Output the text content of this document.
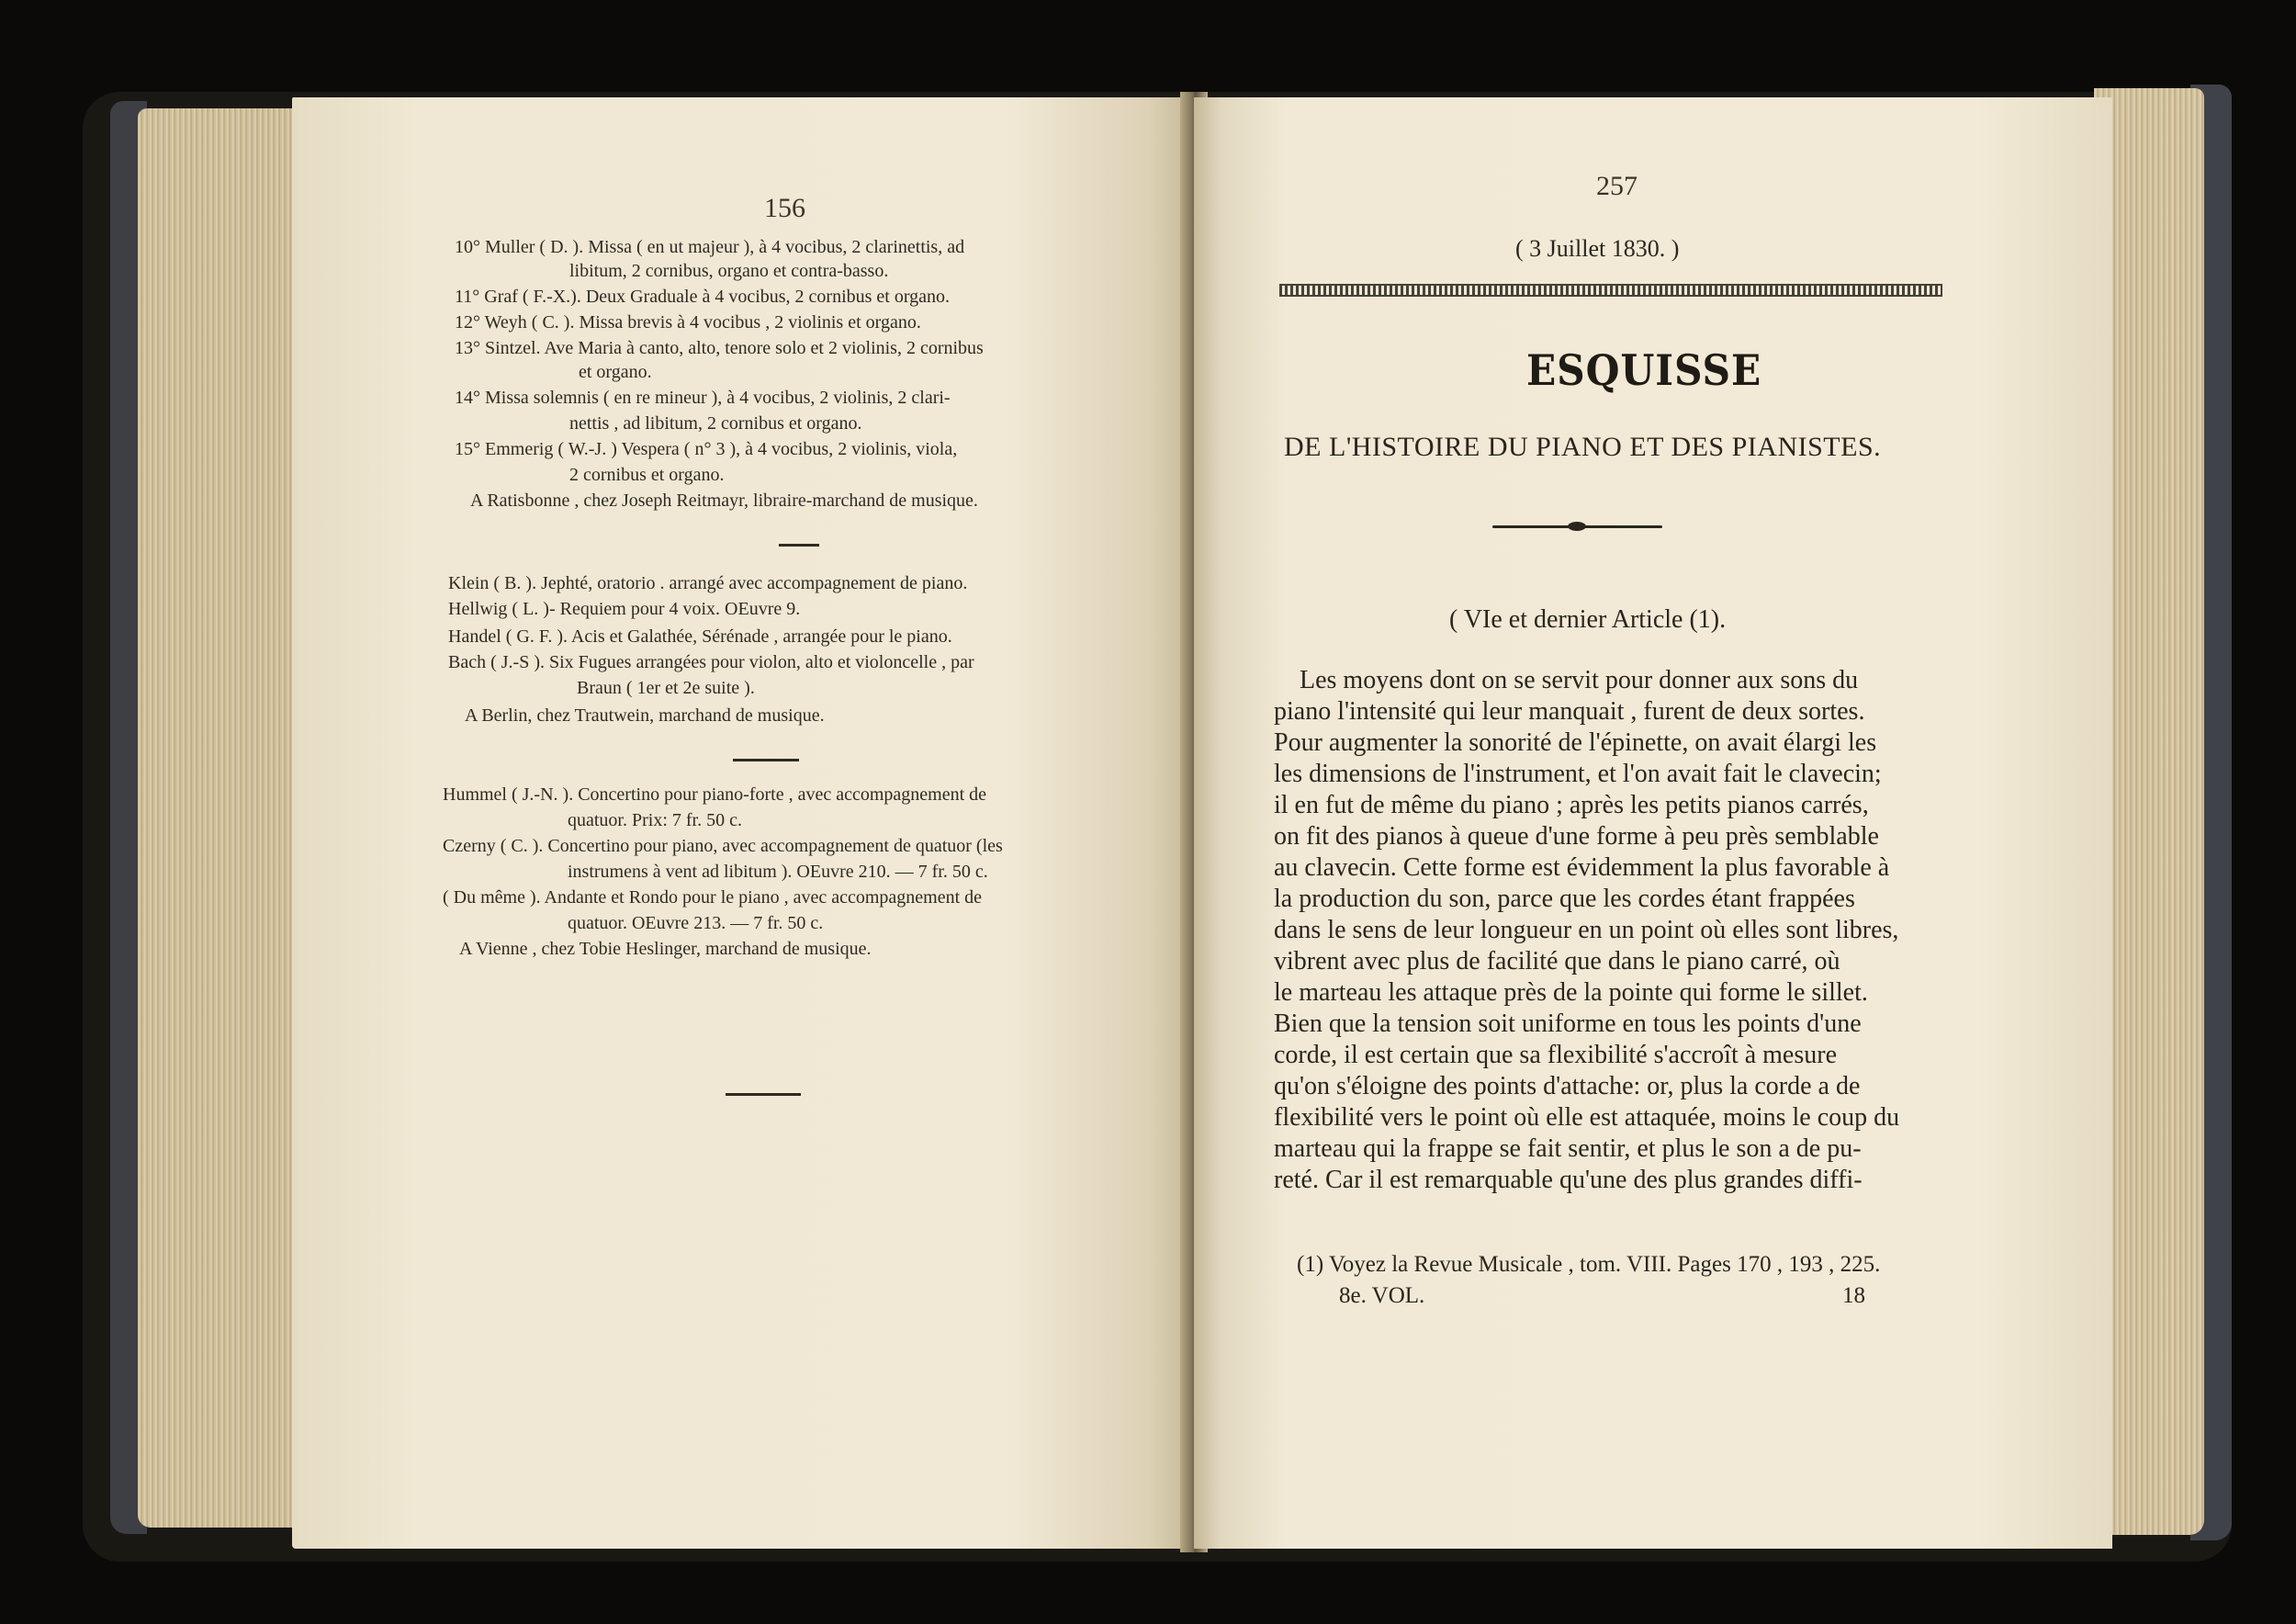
156
10° Muller ( D. ). Missa ( en ut majeur ), à 4 vocibus, 2 clarinettis, ad
libitum, 2 cornibus, organo et contra-basso.
11° Graf ( F.-X.). Deux Graduale à 4 vocibus, 2 cornibus et organo.
12° Weyh ( C. ). Missa brevis à 4 vocibus , 2 violinis et organo.
13° Sintzel. Ave Maria à canto, alto, tenore solo et 2 violinis, 2 cornibus
et organo.
14° Missa solemnis ( en re mineur ), à 4 vocibus, 2 violinis, 2 clari-
nettis , ad libitum, 2 cornibus et organo.
15° Emmerig ( W.-J. ) Vespera ( n° 3 ), à 4 vocibus, 2 violinis, viola,
2 cornibus et organo.
A Ratisbonne , chez Joseph Reitmayr, libraire-marchand de musique.
Klein ( B. ). Jephté, oratorio . arrangé avec accompagnement de piano.
Hellwig ( L. )- Requiem pour 4 voix. OEuvre 9.
Handel ( G. F. ). Acis et Galathée, Sérénade , arrangée pour le piano.
Bach ( J.-S ). Six Fugues arrangées pour violon, alto et violoncelle , par
Braun ( 1er et 2e suite ).
A Berlin, chez Trautwein, marchand de musique.
Hummel ( J.-N. ). Concertino pour piano-forte , avec accompagnement de
quatuor. Prix: 7 fr. 50 c.
Czerny ( C. ). Concertino pour piano, avec accompagnement de quatuor (les
instrumens à vent ad libitum ). OEuvre 210. — 7 fr. 50 c.
( Du même ). Andante et Rondo pour le piano , avec accompagnement de
quatuor. OEuvre 213. — 7 fr. 50 c.
A Vienne , chez Tobie Heslinger, marchand de musique.
257
( 3 Juillet 1830. )
ESQUISSE
DE L'HISTOIRE DU PIANO ET DES PIANISTES.
( VIe et dernier Article (1).
Les moyens dont on se servit pour donner aux sons du
piano l'intensité qui leur manquait , furent de deux sortes.
Pour augmenter la sonorité de l'épinette, on avait élargi les
les dimensions de l'instrument, et l'on avait fait le clavecin;
il en fut de même du piano ; après les petits pianos carrés,
on fit des pianos à queue d'une forme à peu près semblable
au clavecin. Cette forme est évidemment la plus favorable à
la production du son, parce que les cordes étant frappées
dans le sens de leur longueur en un point où elles sont libres,
vibrent avec plus de facilité que dans le piano carré, où
le marteau les attaque près de la pointe qui forme le sillet.
Bien que la tension soit uniforme en tous les points d'une
corde, il est certain que sa flexibilité s'accroît à mesure
qu'on s'éloigne des points d'attache: or, plus la corde a de
flexibilité vers le point où elle est attaquée, moins le coup du
marteau qui la frappe se fait sentir, et plus le son a de pu-
reté. Car il est remarquable qu'une des plus grandes diffi-
(1) Voyez la Revue Musicale , tom. VIII. Pages 170 , 193 , 225.
8e. VOL.	18
